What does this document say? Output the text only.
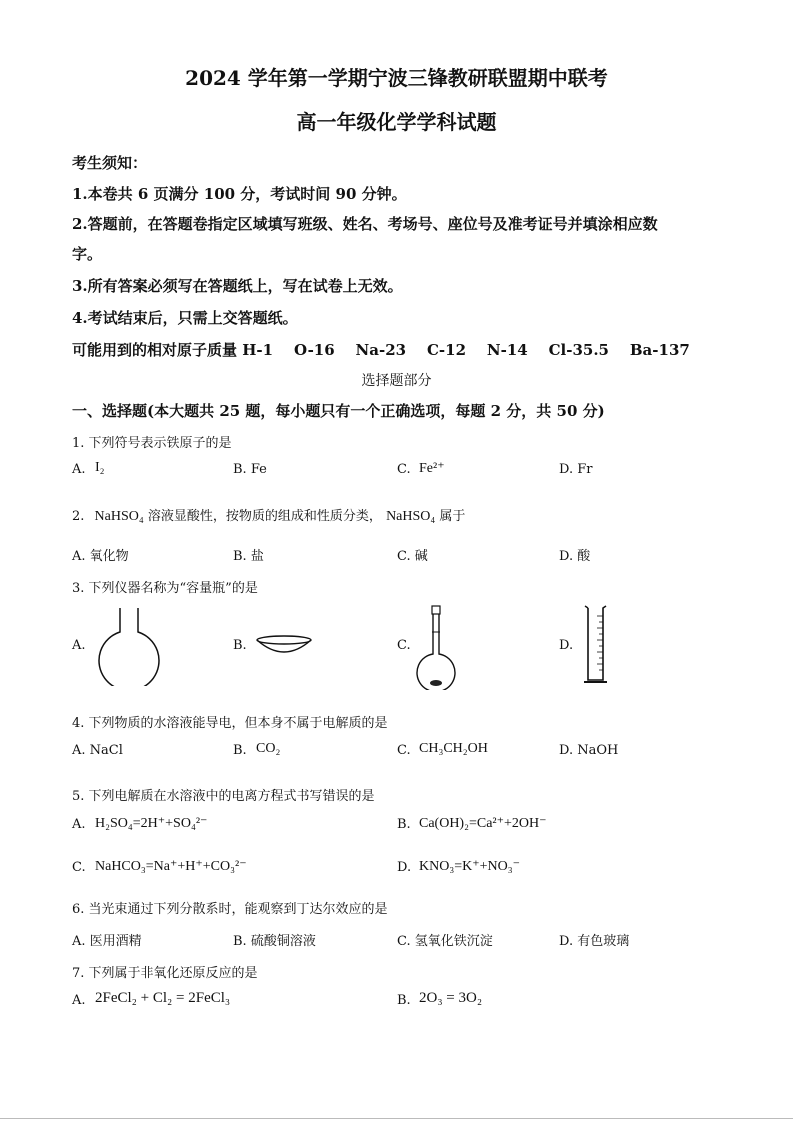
2024 学年第一学期宁波三锋教研联盟期中联考
高一年级化学学科试题
考生须知：
1.本卷共 6 页满分 100 分，考试时间 90 分钟。
2.答题前，在答题卷指定区域填写班级、姓名、考场号、座位号及准考证号并填涂相应数
字。
3.所有答案必须写在答题纸上，写在试卷上无效。
4.考试结束后，只需上交答题纸。
可能用到的相对原子质量 H-1    O-16    Na-23    C-12    N-14    Cl-35.5    Ba-137
选择题部分
一、选择题(本大题共 25 题，每小题只有一个正确选项，每题 2 分，共 50 分)
1. 下列符号表示铁原子的是
A. I₂	B. Fe	C. Fe²⁺	D. Fr
2. NaHSO₄ 溶液显酸性，按物质的组成和性质分类， NaHSO₄ 属于
A. 氧化物	B. 盐	C. 碱	D. 酸
3. 下列仪器名称为“容量瓶”的是
A.	B.	C.	D.
4. 下列物质的水溶液能导电，但本身不属于电解质的是
A. NaCl	B. CO₂	C. CH₃CH₂OH	D. NaOH
5. 下列电解质在水溶液中的电离方程式书写错误的是
A. H₂SO₄=2H⁺+SO₄²⁻	B. Ca(OH)₂=Ca²⁺+2OH⁻
C. NaHCO₃=Na⁺+H⁺+CO₃²⁻	D. KNO₃=K⁺+NO₃⁻
6. 当光束通过下列分散系时，能观察到丁达尔效应的是
A. 医用酒精	B. 硫酸铜溶液	C. 氢氧化铁沉淀	D. 有色玻璃
7. 下列属于非氧化还原反应的是
A. 2FeCl₂ + Cl₂ = 2FeCl₃	B. 2O₃ = 3O₂
